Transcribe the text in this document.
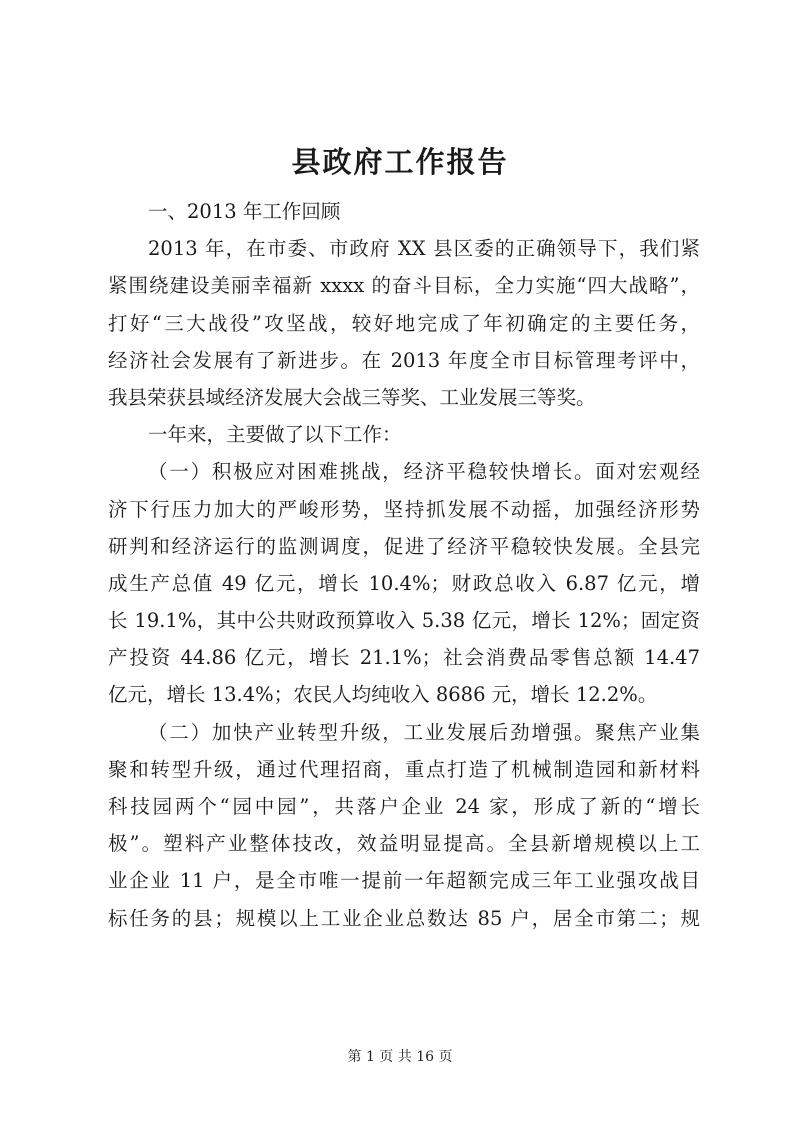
县政府工作报告
一、2013 年工作回顾
2013 年，在市委、市政府 XX 县区委的正确领导下，我们紧
紧围绕建设美丽幸福新 xxxx 的奋斗目标，全力实施“四大战略”，
打好“三大战役”攻坚战，较好地完成了年初确定的主要任务，
经济社会发展有了新进步。在 2013 年度全市目标管理考评中，
我县荣获县域经济发展大会战三等奖、工业发展三等奖。
一年来，主要做了以下工作：
（一）积极应对困难挑战，经济平稳较快增长。面对宏观经
济下行压力加大的严峻形势，坚持抓发展不动摇，加强经济形势
研判和经济运行的监测调度，促进了经济平稳较快发展。全县完
成生产总值 49 亿元，增长 10.4%；财政总收入 6.87 亿元，增
长 19.1%，其中公共财政预算收入 5.38 亿元，增长 12%；固定资
产投资 44.86 亿元，增长 21.1%；社会消费品零售总额 14.47
亿元，增长 13.4%；农民人均纯收入 8686 元，增长 12.2%。
（二）加快产业转型升级，工业发展后劲增强。聚焦产业集
聚和转型升级，通过代理招商，重点打造了机械制造园和新材料
科技园两个“园中园”，共落户企业 24 家，形成了新的“增长
极”。塑料产业整体技改，效益明显提高。全县新增规模以上工
业企业 11 户，是全市唯一提前一年超额完成三年工业强攻战目
标任务的县；规模以上工业企业总数达 85 户，居全市第二；规
第 1 页 共 16 页
